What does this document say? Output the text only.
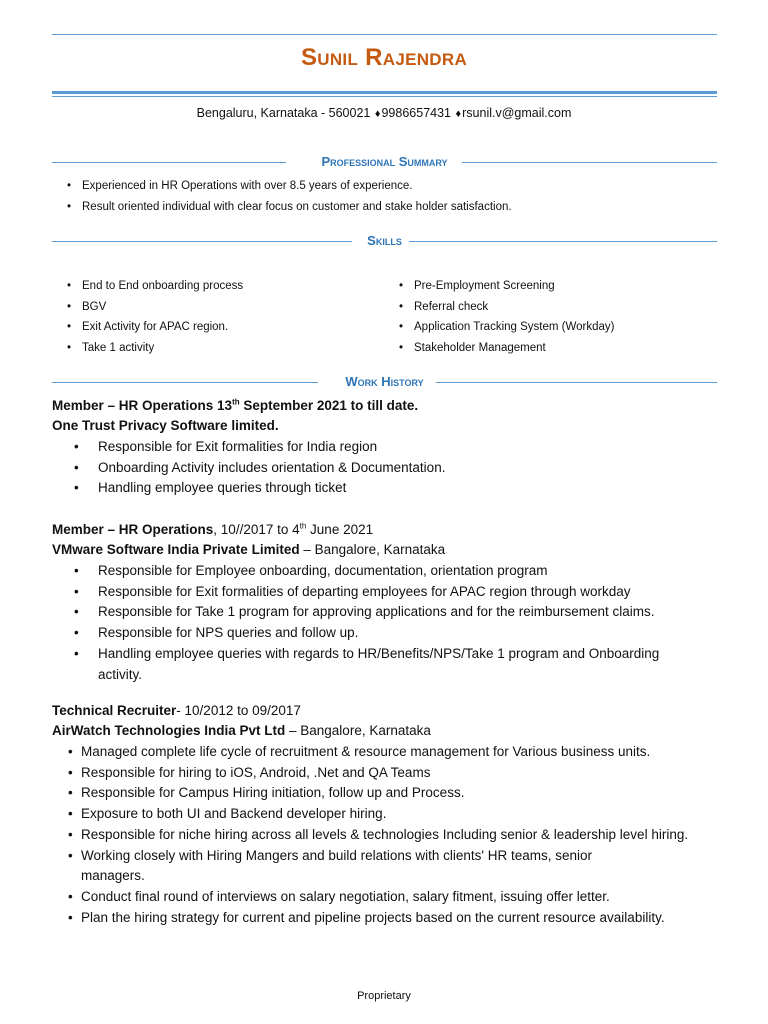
Sunil Rajendra
Bengaluru, Karnataka - 560021 ♦9986657431 ♦rsunil.v@gmail.com
Professional Summary
• Experienced in HR Operations with over 8.5 years of experience.
• Result oriented individual with clear focus on customer and stake holder satisfaction.
Skills
• End to End onboarding process
• BGV
• Exit Activity for APAC region.
• Take 1 activity
• Pre-Employment Screening
• Referral check
• Application Tracking System (Workday)
• Stakeholder Management
Work History
Member – HR Operations 13th September 2021 to till date.
One Trust Privacy Software limited.
• Responsible for Exit formalities for India region
• Onboarding Activity includes orientation & Documentation.
• Handling employee queries through ticket
Member – HR Operations, 10//2017 to 4th June 2021
VMware Software India Private Limited – Bangalore, Karnataka
• Responsible for Employee onboarding, documentation, orientation program
• Responsible for Exit formalities of departing employees for APAC region through workday
• Responsible for Take 1 program for approving applications and for the reimbursement claims.
• Responsible for NPS queries and follow up.
• Handling employee queries with regards to HR/Benefits/NPS/Take 1 program and Onboarding activity.
Technical Recruiter- 10/2012 to 09/2017
AirWatch Technologies India Pvt Ltd – Bangalore, Karnataka
• Managed complete life cycle of recruitment & resource management for Various business units.
• Responsible for hiring to iOS, Android, .Net and QA Teams
• Responsible for Campus Hiring initiation, follow up and Process.
• Exposure to both UI and Backend developer hiring.
• Responsible for niche hiring across all levels & technologies Including senior & leadership level hiring.
• Working closely with Hiring Mangers and build relations with clients' HR teams, senior managers.
• Conduct final round of interviews on salary negotiation, salary fitment, issuing offer letter.
• Plan the hiring strategy for current and pipeline projects based on the current resource availability.
Proprietary
